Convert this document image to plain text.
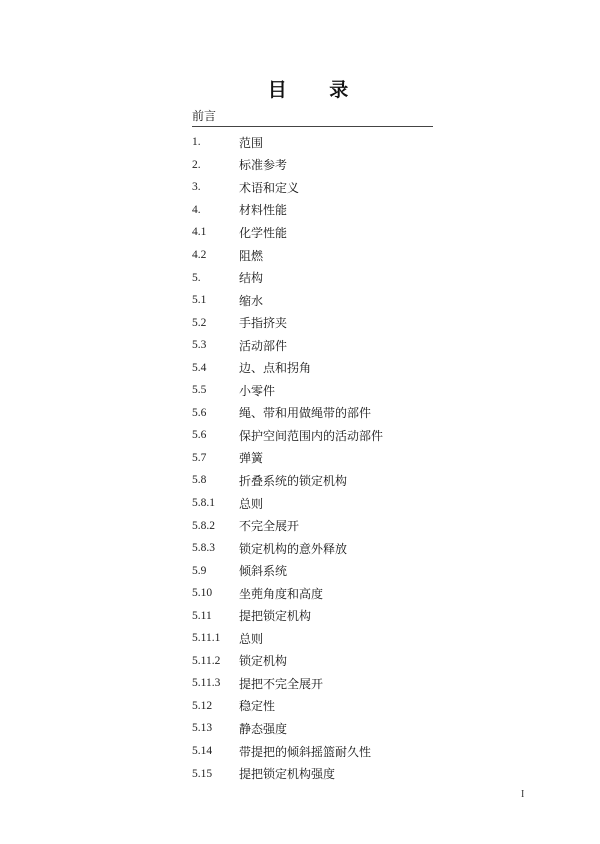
目 录
前言
1.	范围
2.	标准参考
3.	术语和定义
4.	材料性能
4.1	化学性能
4.2	阻燃
5.	结构
5.1	缩水
5.2	手指挤夹
5.3	活动部件
5.4	边、点和拐角
5.5	小零件
5.6	绳、带和用做绳带的部件
5.6	保护空间范围内的活动部件
5.7	弹簧
5.8	折叠系统的锁定机构
5.8.1	总则
5.8.2	不完全展开
5.8.3	锁定机构的意外释放
5.9	倾斜系统
5.10	坐蔸角度和高度
5.11	提把锁定机构
5.11.1	总则
5.11.2	锁定机构
5.11.3	提把不完全展开
5.12	稳定性
5.13	静态强度
5.14	带提把的倾斜摇篮耐久性
5.15	提把锁定机构强度
I
